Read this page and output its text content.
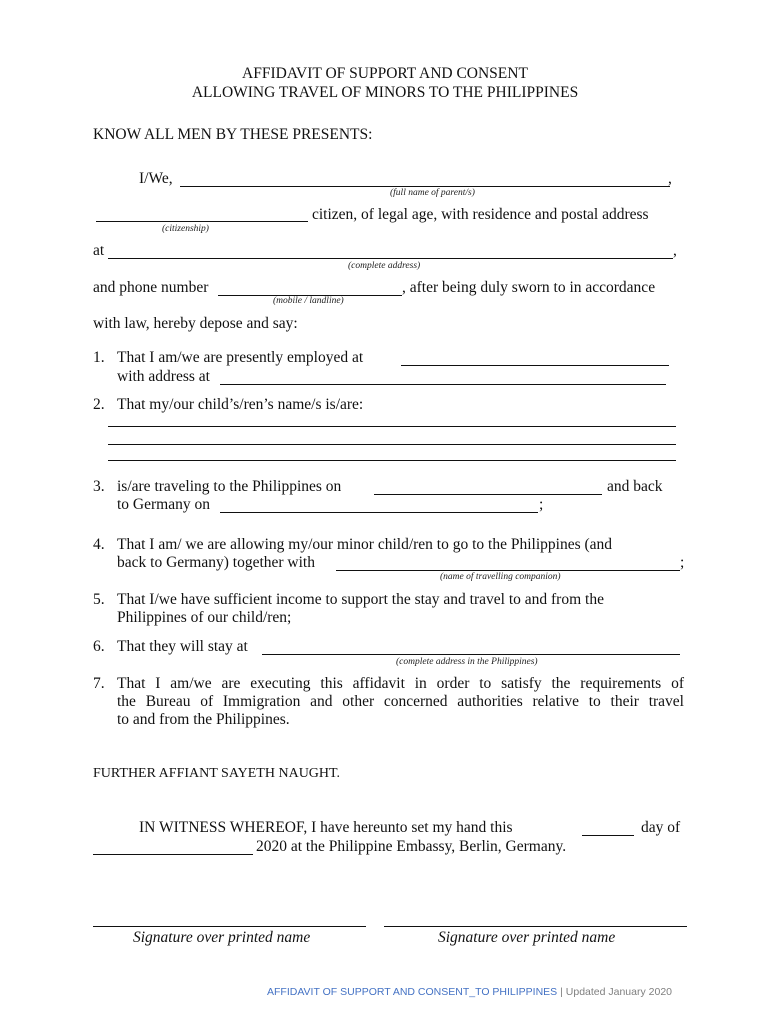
AFFIDAVIT OF SUPPORT AND CONSENT
ALLOWING TRAVEL OF MINORS TO THE PHILIPPINES
KNOW ALL MEN BY THESE PRESENTS:
I/We,	,
(full name of parent/s)
citizen, of legal age, with residence and postal address
(citizenship)
at	,
(complete address)
and phone number	, after being duly sworn to in accordance
(mobile / landline)
with law, hereby depose and say:
1. That I am/we are presently employed at
with address at
2. That my/our child’s/ren’s name/s is/are:
3. is/are traveling to the Philippines on	and back
to Germany on	;
4. That I am/ we are allowing my/our minor child/ren to go to the Philippines (and
back to Germany) together with	;
(name of travelling companion)
5. That I/we have sufficient income to support the stay and travel to and from the
Philippines of our child/ren;
6. That they will stay at
(complete address in the Philippines)
7. That I am/we are executing this affidavit in order to satisfy the requirements of
the Bureau of Immigration and other concerned authorities relative to their travel
to and from the Philippines.
FURTHER AFFIANT SAYETH NAUGHT.
IN WITNESS WHEREOF, I have hereunto set my hand this	day of
2020 at the Philippine Embassy, Berlin, Germany.
Signature over printed name	Signature over printed name
AFFIDAVIT OF SUPPORT AND CONSENT_TO PHILIPPINES | Updated January 2020
